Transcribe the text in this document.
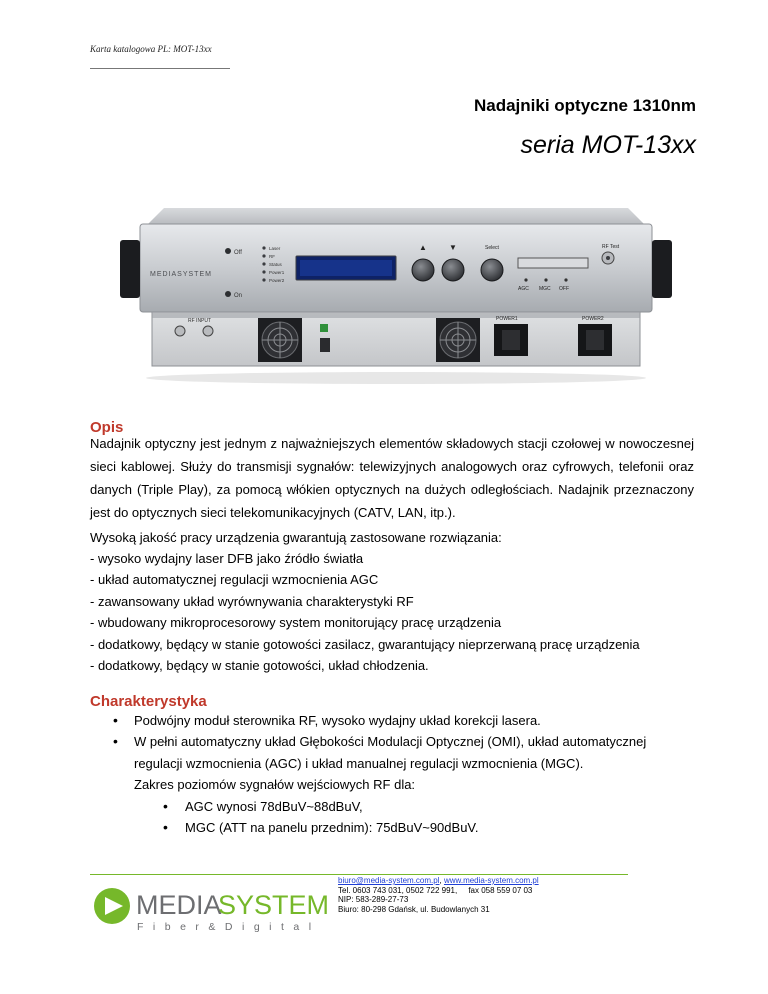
Karta katalogowa PL: MOT-13xx
Nadajniki optyczne 1310nm
seria MOT-13xx
MEDIASYSTEM
Off
On
Laser
RF
Status
Power1
Power2
▲	▼	Select	RF Test
AGC MGC OFF
RF INPUT	POWER1	POWER2
Opis

Nadajnik optyczny jest jednym z najważniejszych elementów składowych stacji czołowej w nowoczesnej sieci kablowej. Służy do transmisji sygnałów: telewizyjnych analogowych oraz cyfrowych, telefonii oraz danych (Triple Play), za pomocą włókien optycznych na dużych odległościach. Nadajnik przeznaczony jest do optycznych sieci telekomunikacyjnych (CATV, LAN, itp.).

Wysoką jakość pracy urządzenia gwarantują zastosowane rozwiązania:
- wysoko wydajny laser DFB jako źródło światła
- układ automatycznej regulacji wzmocnienia AGC
- zawansowany układ wyrównywania charakterystyki RF
- wbudowany mikroprocesorowy system monitorujący pracę urządzenia
- dodatkowy, będący w stanie gotowości zasilacz, gwarantujący nieprzerwaną pracę urządzenia
- dodatkowy, będący w stanie gotowości, układ chłodzenia.
Charakterystyka
• Podwójny moduł sterownika RF, wysoko wydajny układ korekcji lasera.
• W pełni automatyczny układ Głębokości Modulacji Optycznej (OMI), układ automatycznej regulacji wzmocnienia (AGC) i układ manualnej regulacji wzmocnienia (MGC).
Zakres poziomów sygnałów wejściowych RF dla:
• AGC wynosi 78dBuV~88dBuV,
• MGC (ATT na panelu przednim): 75dBuV~90dBuV.
MEDIA
SYSTEM
Fiber&Digital
biuro@media-system.com.pl, www.media-system.com.pl
Tel. 0603 743 031, 0502 722 991,     fax 058 559 07 03
NIP: 583-289-27-73
Biuro: 80-298 Gdańsk, ul. Budowlanych 31
